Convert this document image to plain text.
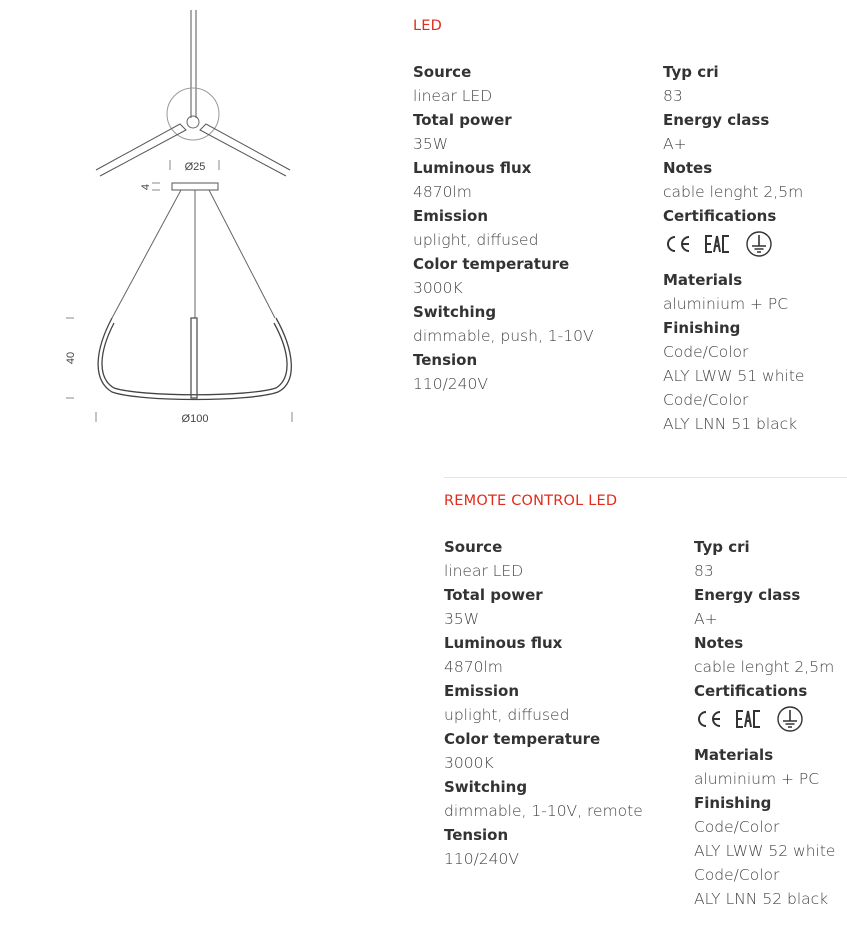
Ø25
4
40
Ø100
LED
Source
linear LED
Total power
35W
Luminous flux
4870lm
Emission
uplight, diffused
Color temperature
3000K
Switching
dimmable, push, 1-10V
Tension
110/240V
Typ cri
83
Energy class
A+
Notes
cable lenght 2,5m
Certifications
Materials
aluminium + PC
Finishing
Code/Color
ALY LWW 51 white
Code/Color
ALY LNN 51 black
REMOTE CONTROL LED
Source
linear LED
Total power
35W
Luminous flux
4870lm
Emission
uplight, diffused
Color temperature
3000K
Switching
dimmable, 1-10V, remote
Tension
110/240V
Typ cri
83
Energy class
A+
Notes
cable lenght 2,5m
Certifications
Materials
aluminium + PC
Finishing
Code/Color
ALY LWW 52 white
Code/Color
ALY LNN 52 black
